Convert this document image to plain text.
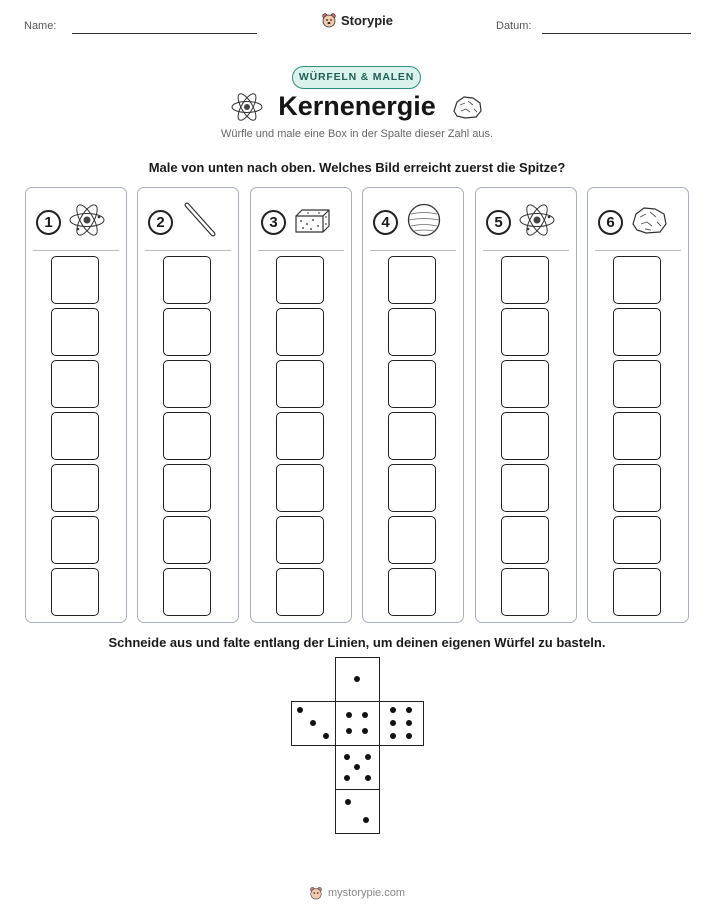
Name:	Datum:
Storypie
WÜRFELN & MALEN
Kernenergie
Würfle und male eine Box in der Spalte dieser Zahl aus.
Male von unten nach oben. Welches Bild erreicht zuerst die Spitze?
1	2	3	4	5	6
Schneide aus und falte entlang der Linien, um deinen eigenen Würfel zu basteln.
mystorypie.com
